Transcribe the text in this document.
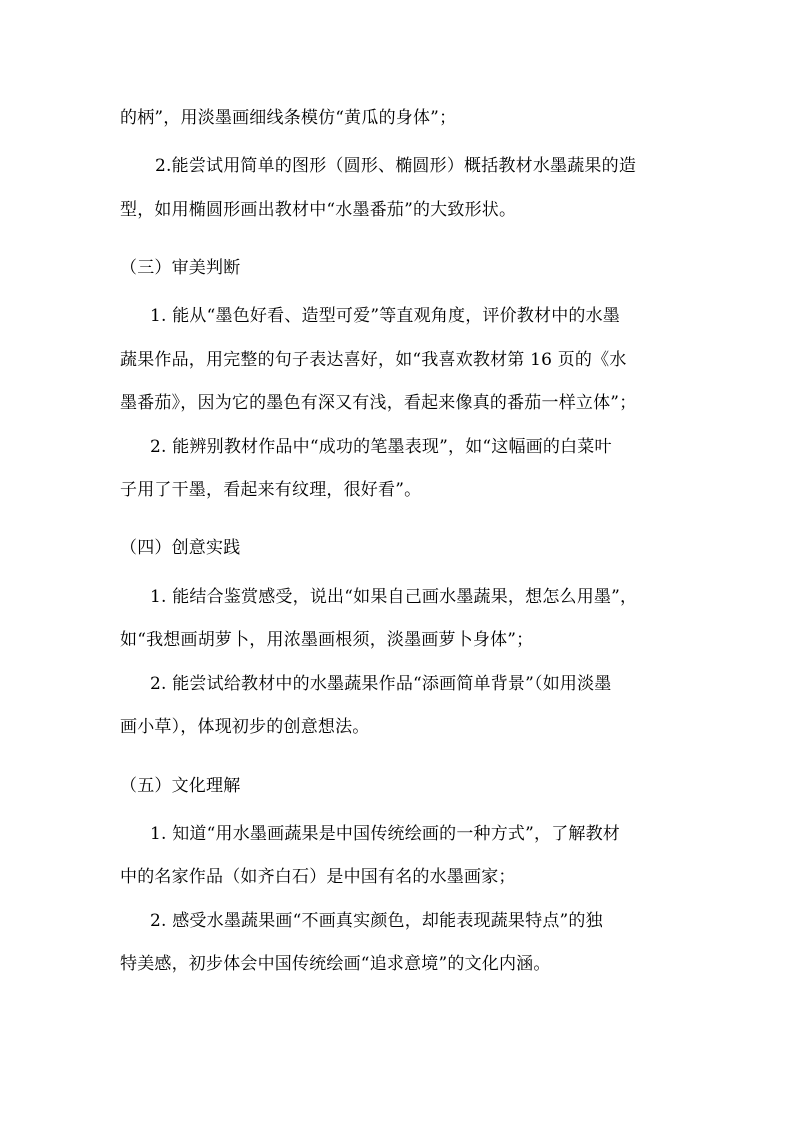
的柄”，用淡墨画细线条模仿“黄瓜的身体”；
2.能尝试用简单的图形（圆形、椭圆形）概括教材水墨蔬果的造
型，如用椭圆形画出教材中“水墨番茄”的大致形状。
（三）审美判断
1. 能从“墨色好看、造型可爱”等直观角度，评价教材中的水墨
蔬果作品，用完整的句子表达喜好，如“我喜欢教材第 16 页的《水
墨番茄》，因为它的墨色有深又有浅，看起来像真的番茄一样立体”；
2. 能辨别教材作品中“成功的笔墨表现”，如“这幅画的白菜叶
子用了干墨，看起来有纹理，很好看”。
（四）创意实践
1. 能结合鉴赏感受，说出“如果自己画水墨蔬果，想怎么用墨”，
如“我想画胡萝卜，用浓墨画根须，淡墨画萝卜身体”；
2. 能尝试给教材中的水墨蔬果作品“添画简单背景”（如用淡墨
画小草），体现初步的创意想法。
（五）文化理解
1. 知道“用水墨画蔬果是中国传统绘画的一种方式”，了解教材
中的名家作品（如齐白石）是中国有名的水墨画家；
2. 感受水墨蔬果画“不画真实颜色，却能表现蔬果特点”的独
特美感，初步体会中国传统绘画“追求意境”的文化内涵。
